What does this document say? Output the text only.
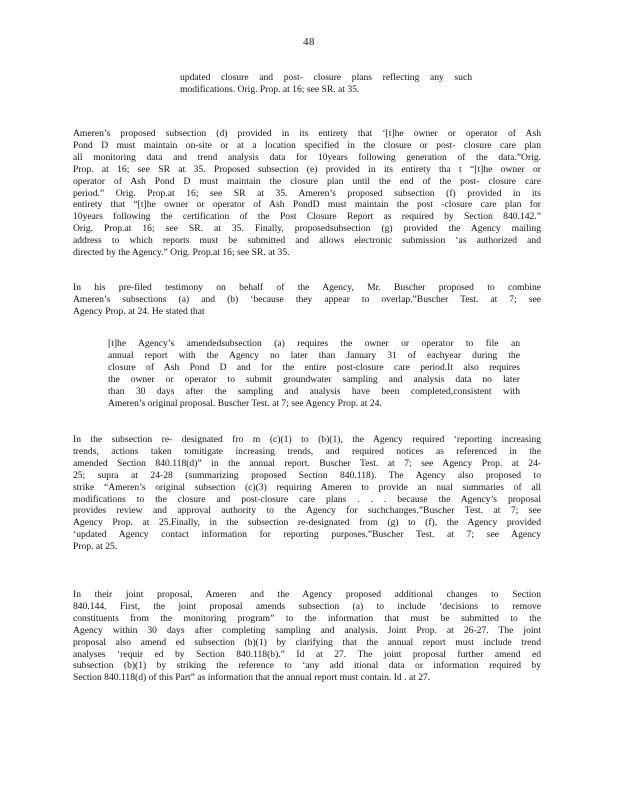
48
updated closure and post- closure plans reflecting any such
modifications. Orig. Prop. at 16; see SR. at 35.
Ameren’s proposed subsection (d) provided in its entirety that ‘[t]he owner or operator of Ash
Pond D must maintain on-site or at a location specified in the closure or post- closure care plan
all monitoring data and trend analysis data for 10years following generation of the data.”Orig.
Prop. at 16; see SR at 35. Proposed subsection (e) provided in its entirety tha t “[t]he owner or
operator of Ash Pond D must maintain the closure plan until the end of the post- closure care
period.” Orig. Prop.at 16; see SR at 35. Ameren’s proposed subsection (f) provided in its
entirety that “[t]he owner or operator of Ash PondD must maintain the post -closure care plan for
10years following the certification of the Post Closure Report as required by Section 840.142.”
Orig. Prop.at 16; see SR. at 35. Finally, proposedsubsection (g) provided the Agency mailing
address to which reports must be submitted and allows electronic submission ‘as authorized and
directed by the Agency.” Orig. Prop.at 16; see SR. at 35.
In his pre-filed testimony on behalf of the Agency, Mr. Buscher proposed to combine
Ameren’s subsections (a) and (b) ‘because they appear to overlap.”Buscher Test. at 7; see
Agency Prop. at 24. He stated that
[t]he Agency’s amendedsubsection (a) requires the owner or operator to file an
annual report with the Agency no later than January 31 of eachyear during the
closure of Ash Pond D and for the entire post-closure care period.It also requires
the owner or operator to submit groundwater sampling and analysis data no later
than 30 days after the sampling and analysis have been completed,consistent with
Ameren’s original proposal. Buscher Test. at 7; see Agency Prop. at 24.
In the subsection re- designated fro m (c)(1) to (b)(1), the Agency required ‘reporting increasing
trends, actions taken tomitigate increasing trends, and required notices as referenced in the
amended Section 840.118(d)” in the annual report. Buscher Test. at 7; see Agency Prop. at 24-
25; supra at 24-28 (summarizing proposed Section 840.118). The Agency also proposed to
strike “Ameren’s original subsection (c)(3) requiring Ameren to provide an nual summaries of all
modifications to the closure and post-closure care plans . . . because the Agency’s proposal
provides review and approval authority to the Agency for suchchanges.”Buscher Test. at 7; see
Agency Prop. at 25.Finally, in the subsection re-designated from (g) to (f), the Agency provided
‘updated Agency contact information for reporting purposes.”Buscher Test. at 7; see Agency
Prop. at 25.
In their joint proposal, Ameren and the Agency proposed additional changes to Section
840.144. First, the joint proposal amends subsection (a) to include ‘decisions to remove
constituents from the monitoring program” to the information that must be submitted to the
Agency within 30 days after completing sampling and analysis. Joint Prop. at 26-27. The joint
proposal also amend ed subsection (b)(1) by clarifying that the annual report must include trend
analyses ‘requir ed by Section 840.118(b).” Id at 27. The joint proposal further amend ed
subsection (b)(1) by striking the reference to ‘any add itional data or information required by
Section 840.118(d) of this Part” as information that the annual report must contain. Id . at 27.
